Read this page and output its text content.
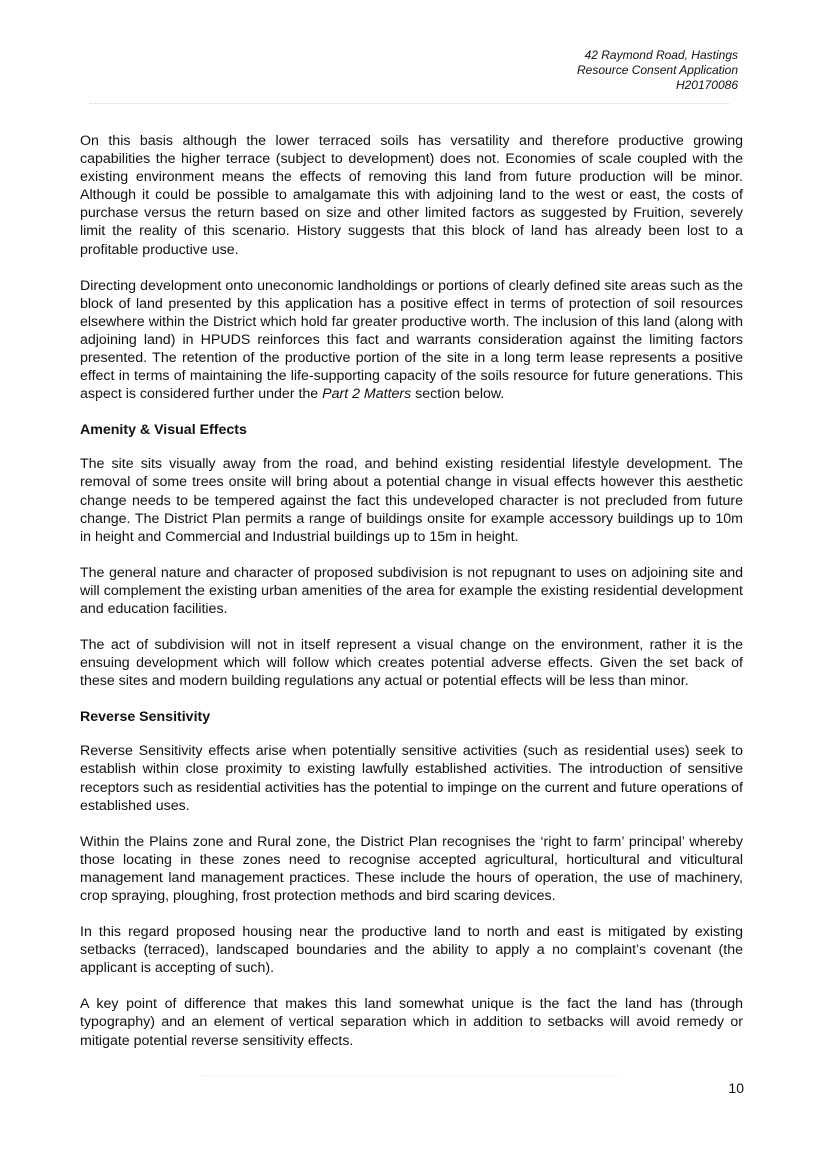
42 Raymond Road, Hastings
Resource Consent Application
H20170086

On this basis although the lower terraced soils has versatility and therefore productive growing capabilities the higher terrace (subject to development) does not. Economies of scale coupled with the existing environment means the effects of removing this land from future production will be minor. Although it could be possible to amalgamate this with adjoining land to the west or east, the costs of purchase versus the return based on size and other limited factors as suggested by Fruition, severely limit the reality of this scenario. History suggests that this block of land has already been lost to a profitable productive use.

Directing development onto uneconomic landholdings or portions of clearly defined site areas such as the block of land presented by this application has a positive effect in terms of protection of soil resources elsewhere within the District which hold far greater productive worth. The inclusion of this land (along with adjoining land) in HPUDS reinforces this fact and warrants consideration against the limiting factors presented. The retention of the productive portion of the site in a long term lease represents a positive effect in terms of maintaining the life-supporting capacity of the soils resource for future generations. This aspect is considered further under the Part 2 Matters section below.

Amenity & Visual Effects

The site sits visually away from the road, and behind existing residential lifestyle development. The removal of some trees onsite will bring about a potential change in visual effects however this aesthetic change needs to be tempered against the fact this undeveloped character is not precluded from future change. The District Plan permits a range of buildings onsite for example accessory buildings up to 10m in height and Commercial and Industrial buildings up to 15m in height.

The general nature and character of proposed subdivision is not repugnant to uses on adjoining site and will complement the existing urban amenities of the area for example the existing residential development and education facilities.

The act of subdivision will not in itself represent a visual change on the environment, rather it is the ensuing development which will follow which creates potential adverse effects. Given the set back of these sites and modern building regulations any actual or potential effects will be less than minor.

Reverse Sensitivity

Reverse Sensitivity effects arise when potentially sensitive activities (such as residential uses) seek to establish within close proximity to existing lawfully established activities. The introduction of sensitive receptors such as residential activities has the potential to impinge on the current and future operations of established uses.

Within the Plains zone and Rural zone, the District Plan recognises the ‘right to farm’ principal’ whereby those locating in these zones need to recognise accepted agricultural, horticultural and viticultural management land management practices. These include the hours of operation, the use of machinery, crop spraying, ploughing, frost protection methods and bird scaring devices.

In this regard proposed housing near the productive land to north and east is mitigated by existing setbacks (terraced), landscaped boundaries and the ability to apply a no complaint’s covenant (the applicant is accepting of such).

A key point of difference that makes this land somewhat unique is the fact the land has (through typography) and an element of vertical separation which in addition to setbacks will avoid remedy or mitigate potential reverse sensitivity effects.

10
